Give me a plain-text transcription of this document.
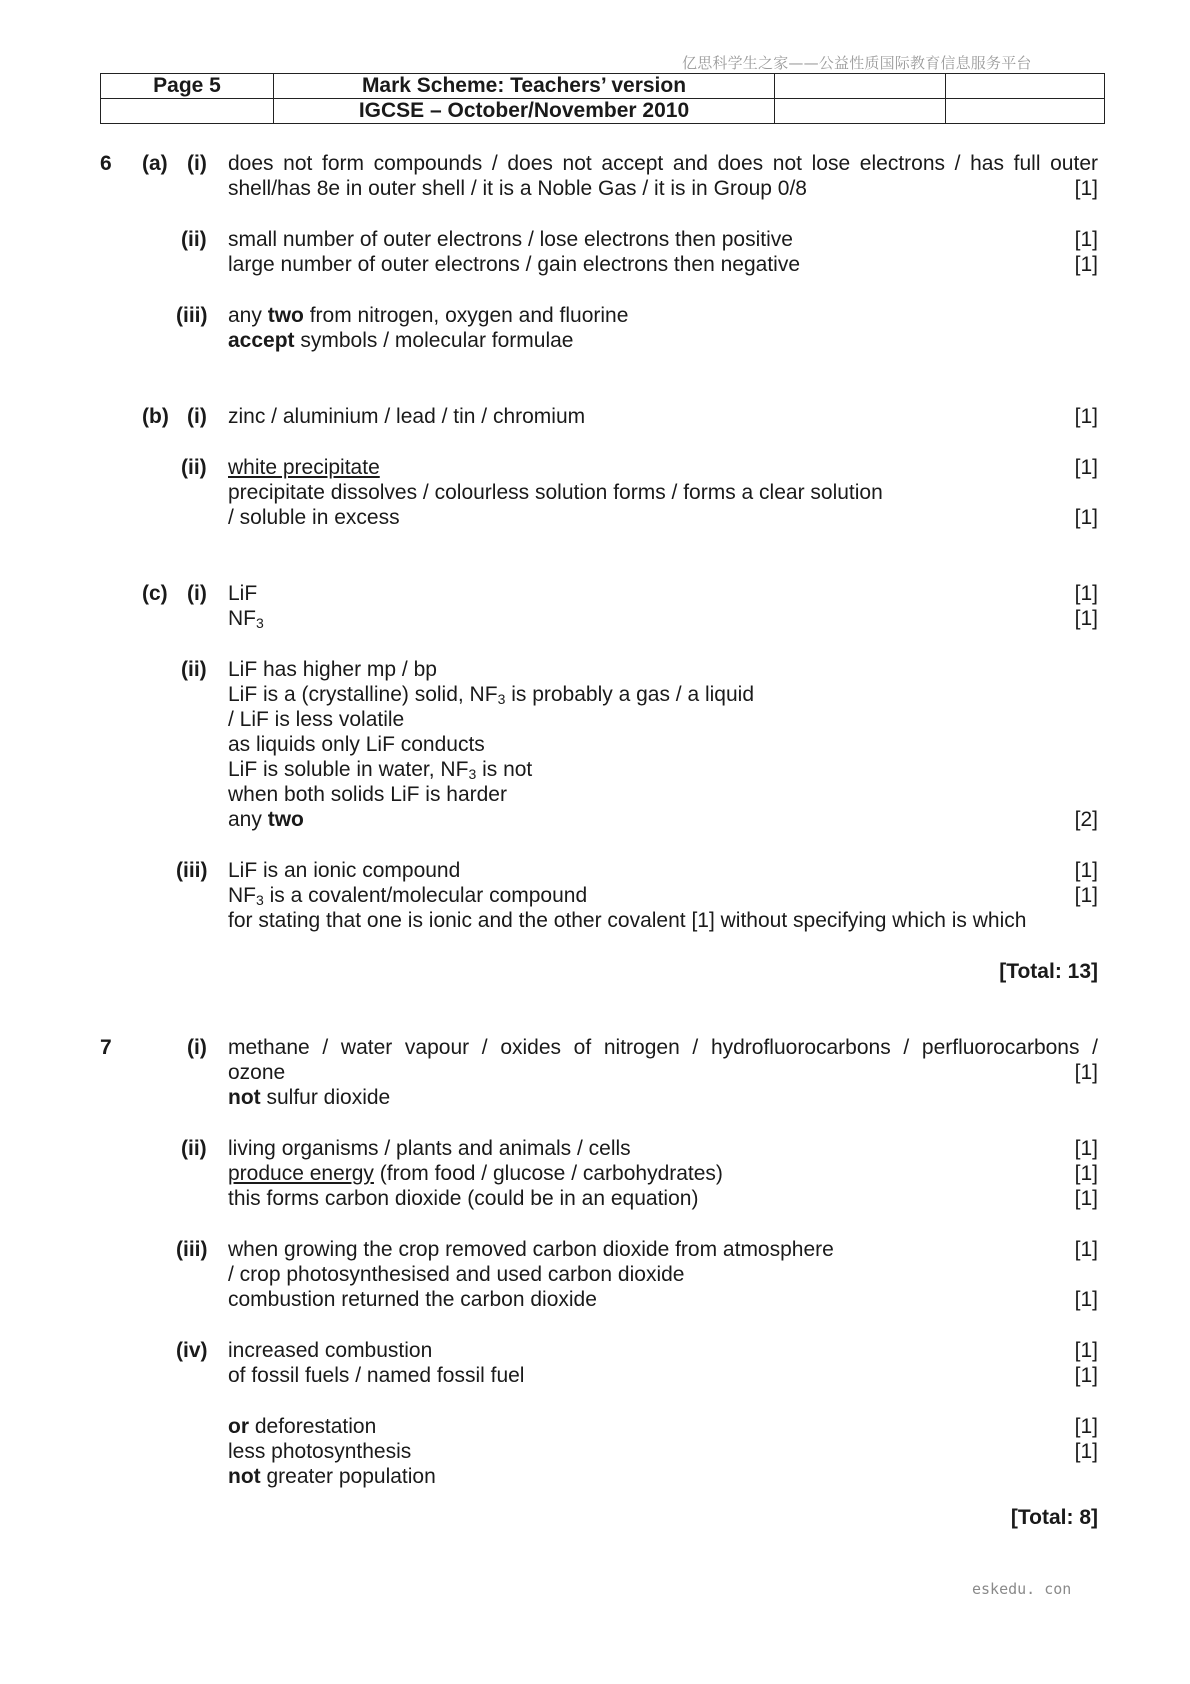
亿思科学生之家——公益性质国际教育信息服务平台
Page 5	Mark Scheme: Teachers’ version		
	IGCSE – October/November 2010		
6 (a) (i) does not form compounds / does not accept and does not lose electrons / has full outer
shell/has 8e in outer shell / it is a Noble Gas / it is in Group 0/8	[1]
(ii) small number of outer electrons / lose electrons then positive	[1]
large number of outer electrons / gain electrons then negative	[1]
(iii) any two from nitrogen, oxygen and fluorine
accept symbols / molecular formulae
(b) (i) zinc / aluminium / lead / tin / chromium	[1]
(ii) white precipitate	[1]
precipitate dissolves / colourless solution forms / forms a clear solution
/ soluble in excess	[1]
(c) (i) LiF	[1]
$NF_3$	[1]
(ii) LiF has higher mp / bp
LiF is a (crystalline) solid, $NF_3$ is probably a gas / a liquid
/ LiF is less volatile
as liquids only LiF conducts
LiF is soluble in water, $NF_3$ is not
when both solids LiF is harder
any two	[2]
(iii) LiF is an ionic compound	[1]
$NF_3$ is a covalent/molecular compound	[1]
for stating that one is ionic and the other covalent [1] without specifying which is which
[Total: 13]
7	(i) methane / water vapour / oxides of nitrogen / hydrofluorocarbons / perfluorocarbons /
ozone	[1]
not sulfur dioxide
(ii) living organisms / plants and animals / cells	[1]
produce energy (from food / glucose / carbohydrates)	[1]
this forms carbon dioxide (could be in an equation)	[1]
(iii) when growing the crop removed carbon dioxide from atmosphere	[1]
/ crop photosynthesised and used carbon dioxide
combustion returned the carbon dioxide	[1]
(iv) increased combustion	[1]
of fossil fuels / named fossil fuel	[1]
or deforestation	[1]
less photosynthesis	[1]
not greater population
[Total: 8]
eskedu. con
